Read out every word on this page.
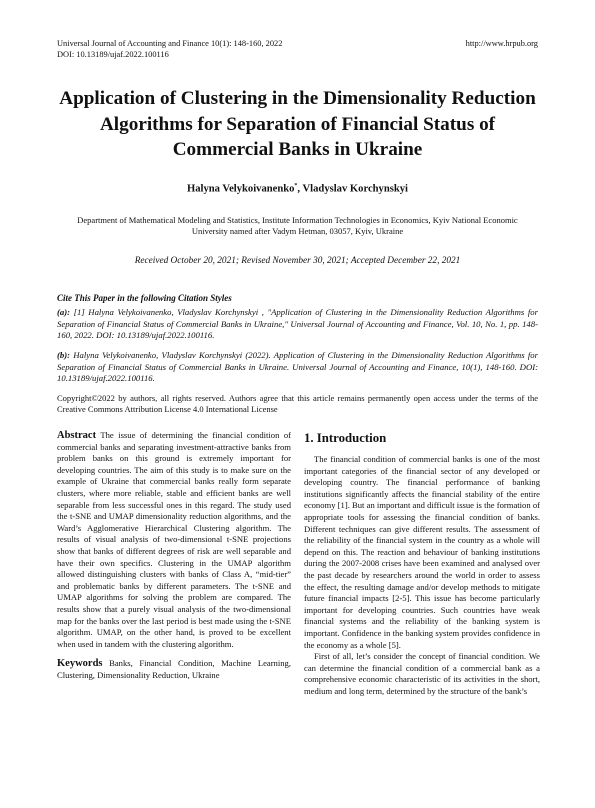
Universal Journal of Accounting and Finance 10(1): 148-160, 2022
DOI: 10.13189/ujaf.2022.100116
http://www.hrpub.org
Application of Clustering in the Dimensionality Reduction Algorithms for Separation of Financial Status of Commercial Banks in Ukraine
Halyna Velykoivanenko*, Vladyslav Korchynskyi
Department of Mathematical Modeling and Statistics, Institute Information Technologies in Economics, Kyiv National Economic University named after Vadym Hetman, 03057, Kyiv, Ukraine
Received October 20, 2021; Revised November 30, 2021; Accepted December 22, 2021
Cite This Paper in the following Citation Styles
(a): [1] Halyna Velykoivanenko, Vladyslav Korchynskyi , "Application of Clustering in the Dimensionality Reduction Algorithms for Separation of Financial Status of Commercial Banks in Ukraine," Universal Journal of Accounting and Finance, Vol. 10, No. 1, pp. 148-160, 2022. DOI: 10.13189/ujaf.2022.100116.
(b): Halyna Velykoivanenko, Vladyslav Korchynskyi (2022). Application of Clustering in the Dimensionality Reduction Algorithms for Separation of Financial Status of Commercial Banks in Ukraine. Universal Journal of Accounting and Finance, 10(1), 148-160. DOI: 10.13189/ujaf.2022.100116.
Copyright©2022 by authors, all rights reserved. Authors agree that this article remains permanently open access under the terms of the Creative Commons Attribution License 4.0 International License

Abstract The issue of determining the financial condition of commercial banks and separating investment-attractive banks from problem banks on this ground is extremely important for developing countries. The aim of this study is to make sure on the example of Ukraine that commercial banks really form separate clusters, where more reliable, stable and efficient banks are well separable from less successful ones in this regard. The study used the t-SNE and UMAP dimensionality reduction algorithms, and the Ward’s Agglomerative Hierarchical Clustering algorithm. The results of visual analysis of two-dimensional t-SNE projections show that banks of different degrees of risk are well separable and have their own specifics. Clustering in the UMAP algorithm allowed distinguishing clusters with banks of Class A, “mid-tier” and problematic banks by different parameters. The t-SNE and UMAP algorithms for solving the problem are compared. The results show that a purely visual analysis of the two-dimensional map for the banks over the last period is best made using the t-SNE algorithm. UMAP, on the other hand, is proved to be excellent when used in tandem with the clustering algorithm.

Keywords Banks, Financial Condition, Machine Learning, Clustering, Dimensionality Reduction, Ukraine

1. Introduction

The financial condition of commercial banks is one of the most important categories of the financial sector of any developed or developing country. The financial performance of banking institutions significantly affects the financial stability of the entire economy [1]. But an important and difficult issue is the formation of appropriate tools for assessing the financial condition of banks. Different techniques can give different results. The assessment of the reliability of the financial system in the country as a whole will depend on this. The reaction and behaviour of banking institutions during the 2007-2008 crises have been examined and analysed over the past decade by researchers around the world in order to assess the effect, the resulting damage and/or develop methods to mitigate future financial impacts [2-5]. This issue has become particularly important for developing countries. Such countries have weak financial systems and the reliability of the banking system is important. Confidence in the banking system provides confidence in the economy as a whole [5].

First of all, let’s consider the concept of financial condition. We can determine the financial condition of a commercial bank as a comprehensive economic characteristic of its activities in the short, medium and long term, determined by the structure of the bank’s
